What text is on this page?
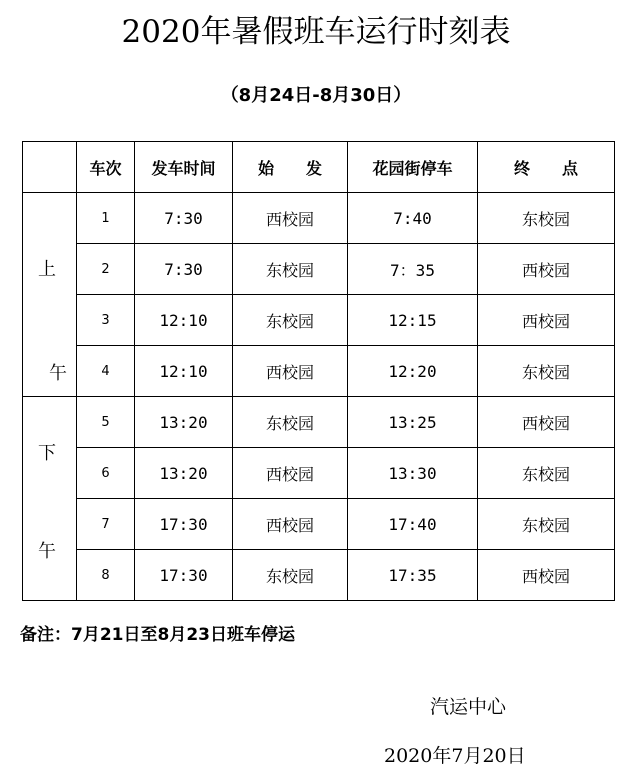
2020年暑假班车运行时刻表
（8月24日-8月30日）
	车次	发车时间	始　　发	花园街停车	终　　点

上
午	1	7:30	西校园	7:40	东校园
	2	7:30	东校园	7：35	西校园
	3	12:10	东校园	12:15	西校园
	4	12:10	西校园	12:20	东校园

下
午	5	13:20	东校园	13:25	西校园
	6	13:20	西校园	13:30	东校园
	7	17:30	西校园	17:40	东校园
	8	17:30	东校园	17:35	西校园
备注：7月21日至8月23日班车停运
汽运中心
2020年7月20日
